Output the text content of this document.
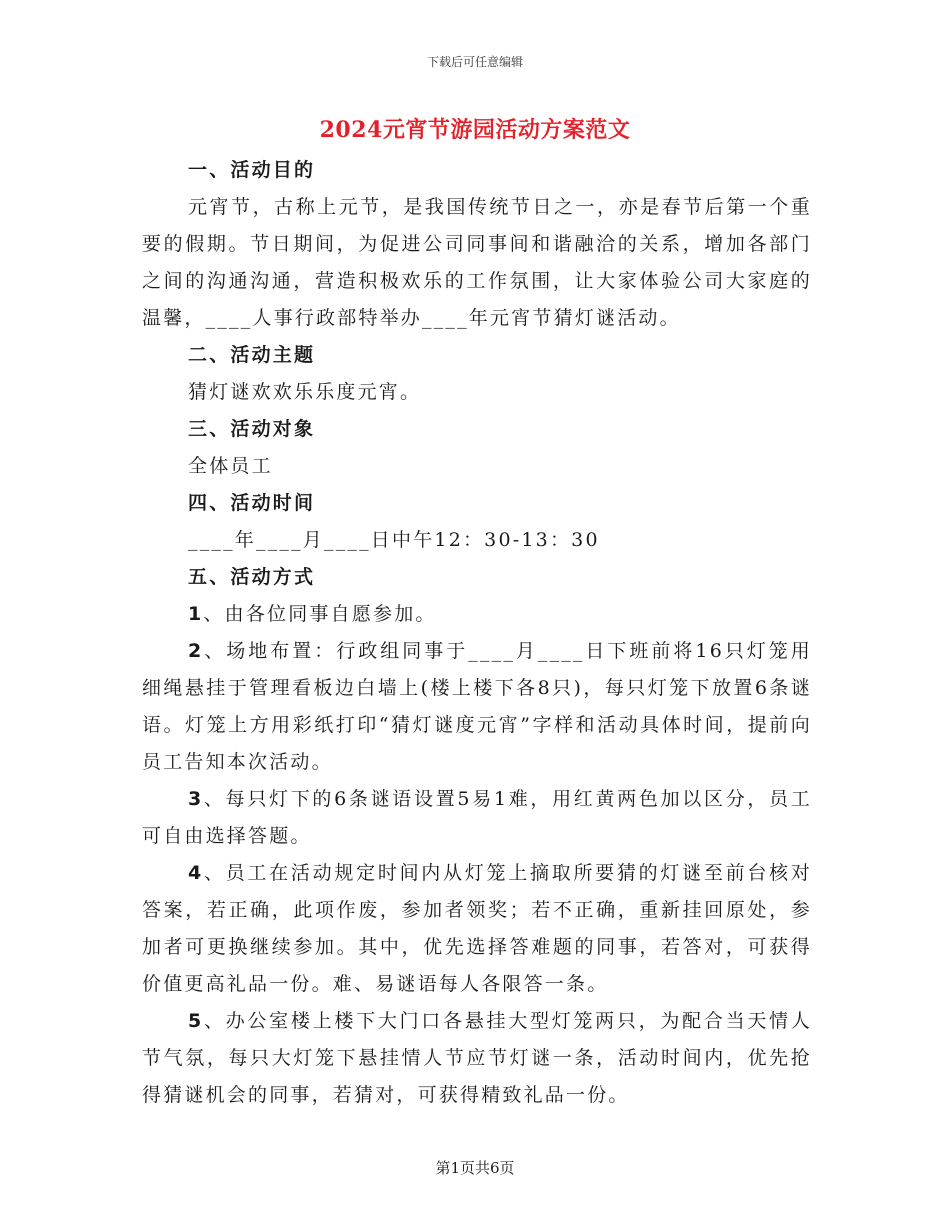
下载后可任意编辑
2024元宵节游园活动方案范文

一、活动目的

元宵节，古称上元节，是我国传统节日之一，亦是春节后第一个重要的假期。节日期间，为促进公司同事间和谐融洽的关系，增加各部门之间的沟通沟通，营造积极欢乐的工作氛围，让大家体验公司大家庭的温馨，____人事行政部特举办____年元宵节猜灯谜活动。

二、活动主题

猜灯谜欢欢乐乐度元宵。

三、活动对象

全体员工

四、活动时间

____年____月____日中午12：30-13：30

五、活动方式

1、由各位同事自愿参加。

2、场地布置：行政组同事于____月____日下班前将16只灯笼用细绳悬挂于管理看板边白墙上(楼上楼下各8只)，每只灯笼下放置6条谜语。灯笼上方用彩纸打印“猜灯谜度元宵”字样和活动具体时间，提前向员工告知本次活动。

3、每只灯下的6条谜语设置5易1难，用红黄两色加以区分，员工可自由选择答题。

4、员工在活动规定时间内从灯笼上摘取所要猜的灯谜至前台核对答案，若正确，此项作废，参加者领奖；若不正确，重新挂回原处，参加者可更换继续参加。其中，优先选择答难题的同事，若答对，可获得价值更高礼品一份。难、易谜语每人各限答一条。

5、办公室楼上楼下大门口各悬挂大型灯笼两只，为配合当天情人节气氛，每只大灯笼下悬挂情人节应节灯谜一条，活动时间内，优先抢得猜谜机会的同事，若猜对，可获得精致礼品一份。

第1页共6页
